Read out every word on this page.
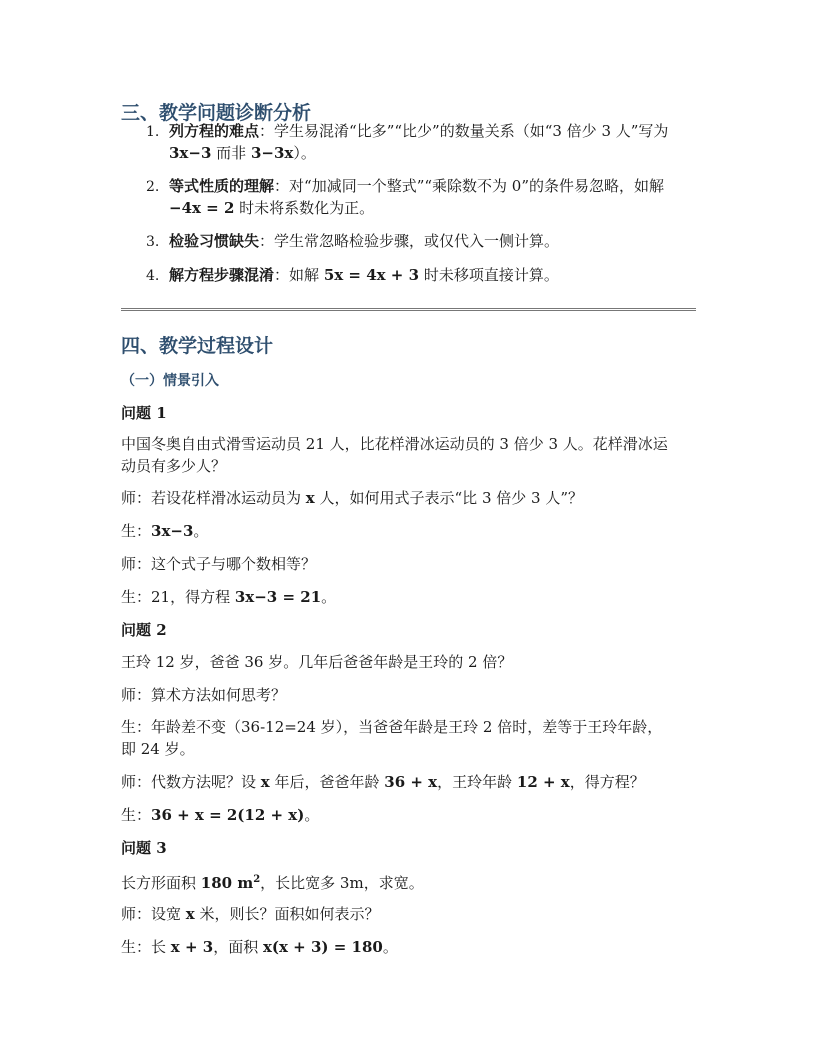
三、教学问题诊断分析
1. 列方程的难点：学生易混淆“比多”“比少”的数量关系（如“3 倍少 3 人”写为
3x−3 而非 3−3x）。
2. 等式性质的理解：对“加减同一个整式”“乘除数不为 0”的条件易忽略，如解
−4x = 2 时未将系数化为正。
3. 检验习惯缺失：学生常忽略检验步骤，或仅代入一侧计算。
4. 解方程步骤混淆：如解 5x = 4x + 3 时未移项直接计算。
四、教学过程设计
（一）情景引入
问题 1
中国冬奥自由式滑雪运动员 21 人，比花样滑冰运动员的 3 倍少 3 人。花样滑冰运
动员有多少人？
师：若设花样滑冰运动员为 x 人，如何用式子表示“比 3 倍少 3 人”？
生：3x−3。
师：这个式子与哪个数相等？
生：21，得方程 3x−3 = 21。
问题 2
王玲 12 岁，爸爸 36 岁。几年后爸爸年龄是王玲的 2 倍？
师：算术方法如何思考？
生：年龄差不变（36-12=24 岁），当爸爸年龄是王玲 2 倍时，差等于王玲年龄，
即 24 岁。
师：代数方法呢？设 x 年后，爸爸年龄 36 + x，王玲年龄 12 + x，得方程？
生：36 + x = 2(12 + x)。
问题 3
长方形面积 180 $m^2$，长比宽多 3m，求宽。
师：设宽 x 米，则长？面积如何表示？
生：长 x + 3，面积 x(x + 3) = 180。
